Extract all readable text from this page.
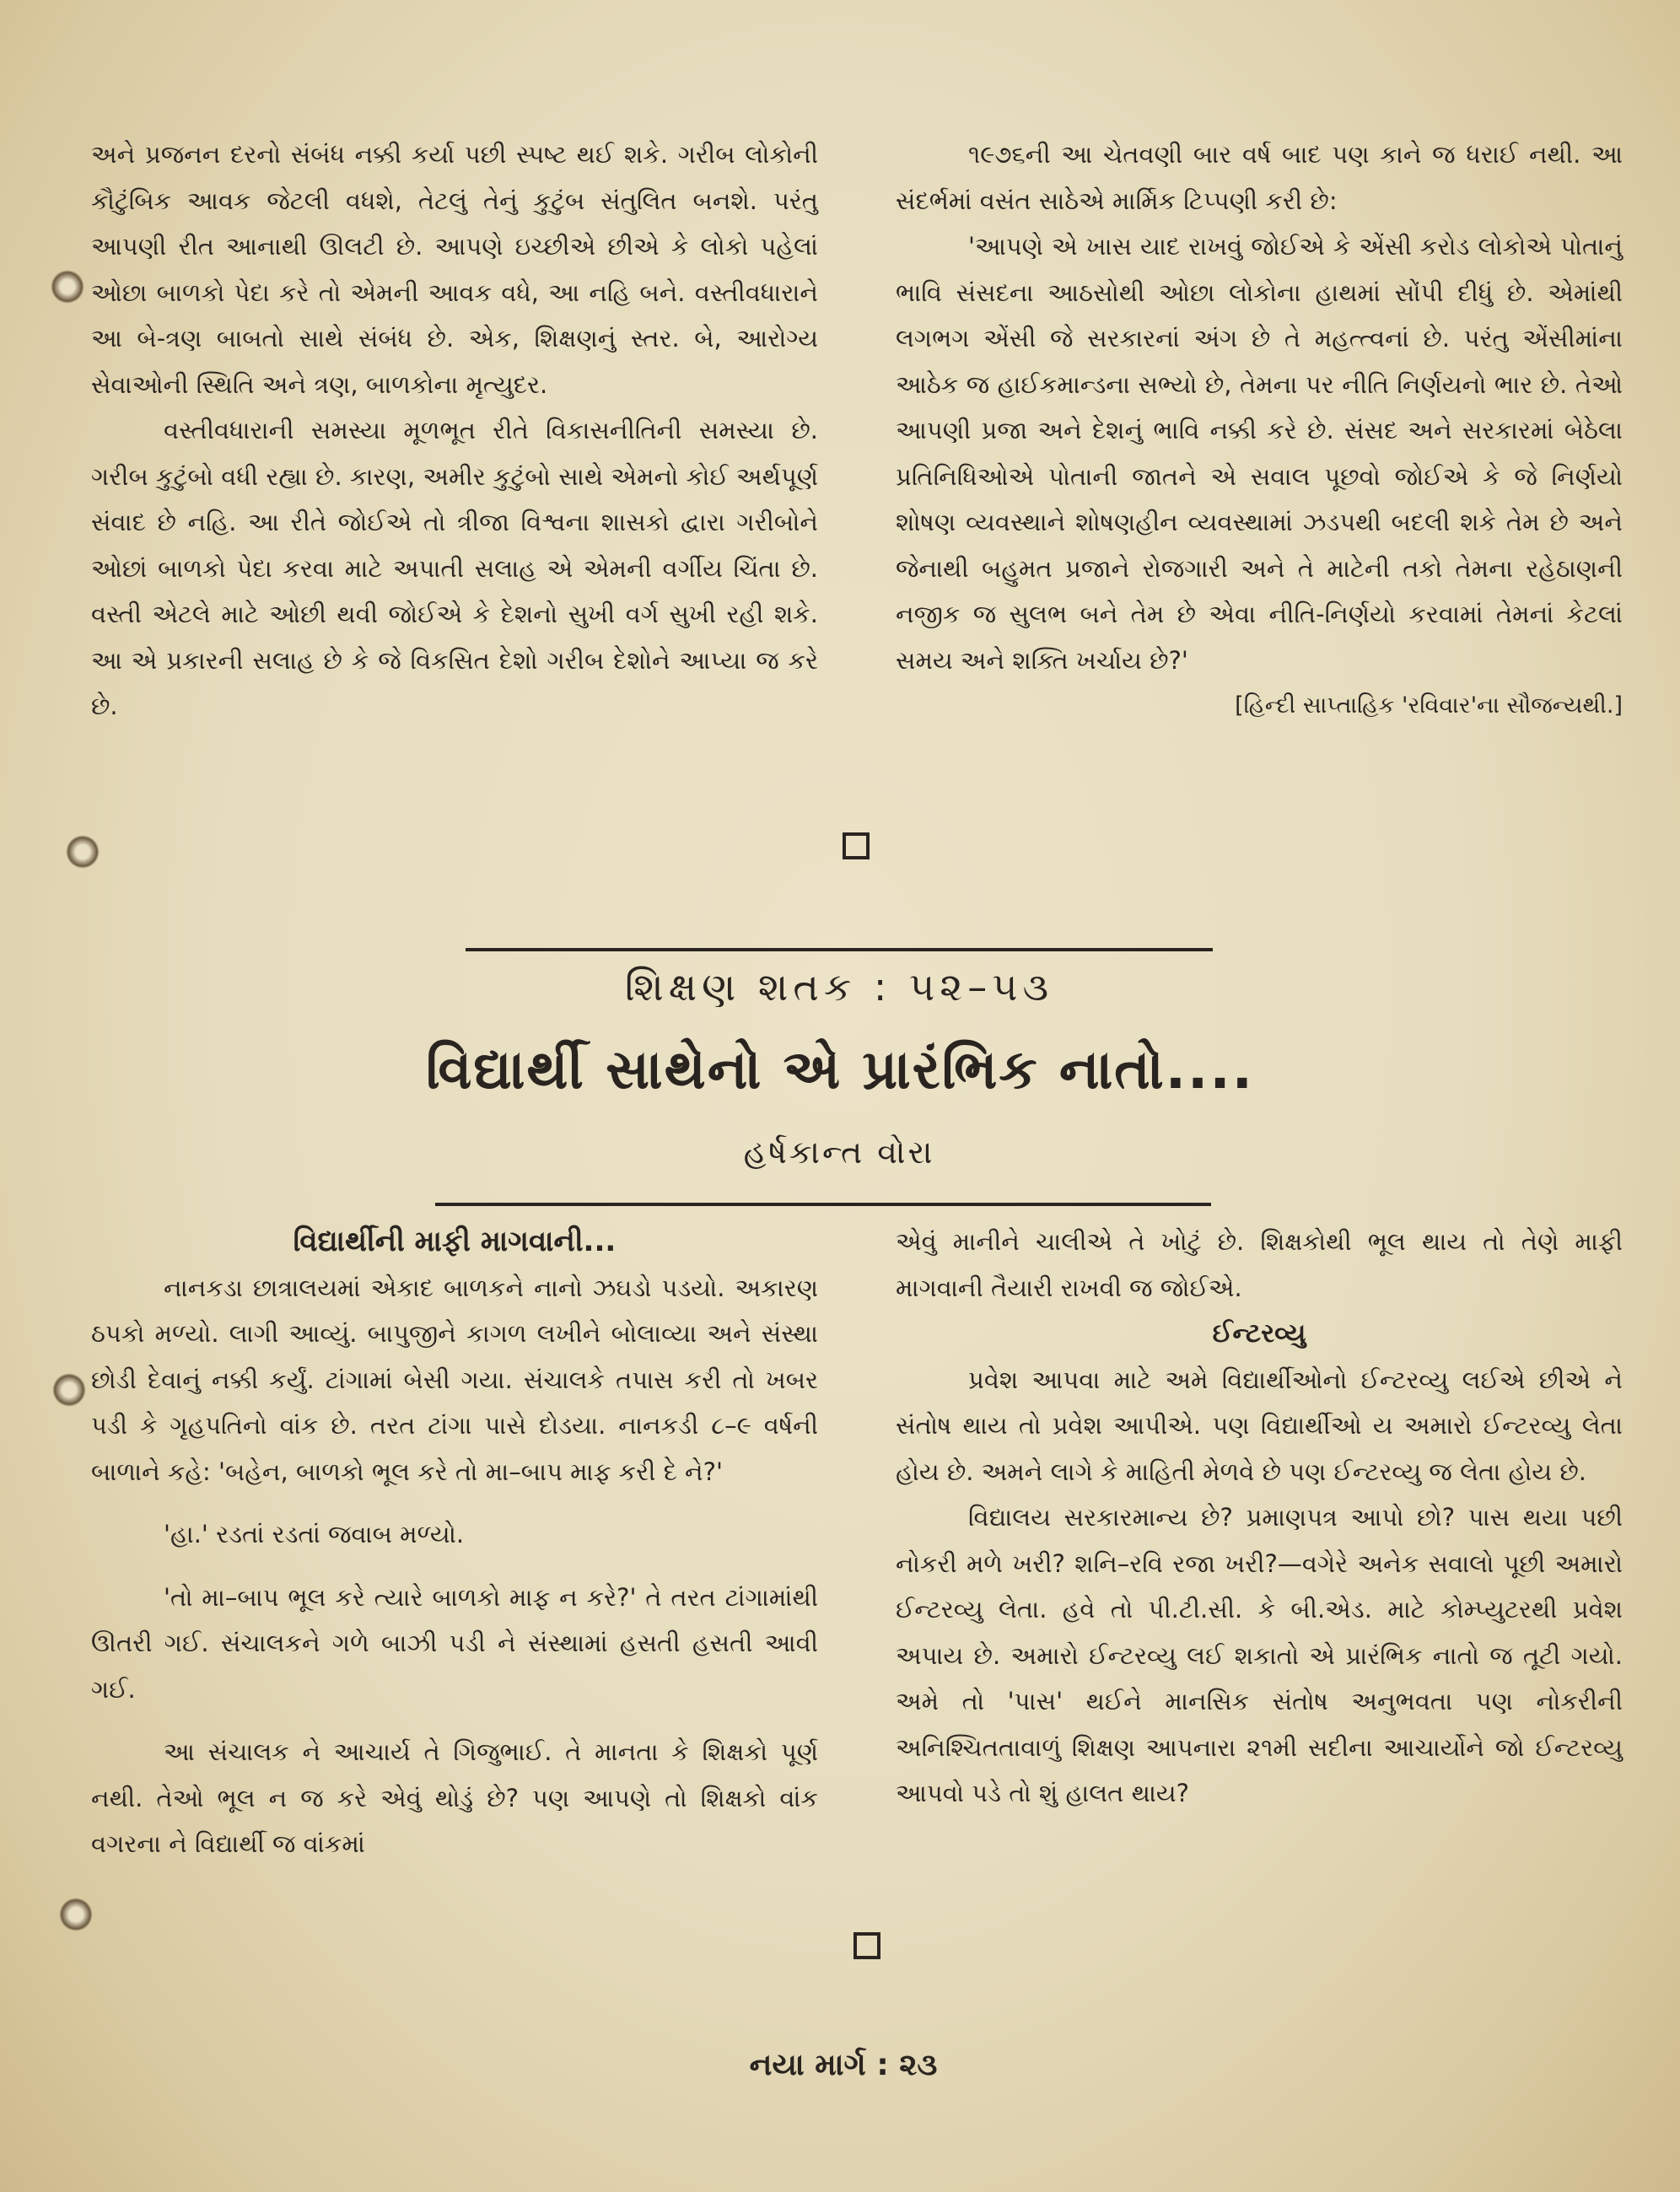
અને પ્રજનન દરનો સંબંધ નક્કી કર્યા પછી સ્પષ્ટ થઈ શકે. ગરીબ લોકોની કૌટુંબિક આવક જેટલી વધશે, તેટલું તેનું કુટુંબ સંતુલિત બનશે. પરંતુ આપણી રીત આનાથી ઊલટી છે. આપણે ઇચ્છીએ છીએ કે લોકો પહેલાં ઓછા બાળકો પેદા કરે તો એમની આવક વધે, આ નહિ બને. વસ્તીવધારાને આ બે-ત્રણ બાબતો સાથે સંબંધ છે. એક, શિક્ષણનું સ્તર. બે, આરોગ્ય સેવાઓની સ્થિતિ અને ત્રણ, બાળકોના મૃત્યુદર.

વસ્તીવધારાની સમસ્યા મૂળભૂત રીતે વિકાસનીતિની સમસ્યા છે. ગરીબ કુટુંબો વધી રહ્યા છે. કારણ, અમીર કુટુંબો સાથે એમનો કોઈ અર્થપૂર્ણ સંવાદ છે નહિ. આ રીતે જોઈએ તો ત્રીજા વિશ્વના શાસકો દ્વારા ગરીબોને ઓછાં બાળકો પેદા કરવા માટે અપાતી સલાહ એ એમની વર્ગીય ચિંતા છે. વસ્તી એટલે માટે ઓછી થવી જોઈએ કે દેશનો સુખી વર્ગ સુખી રહી શકે. આ એ પ્રકારની સલાહ છે કે જે વિકસિત દેશો ગરીબ દેશોને આપ્યા જ કરે છે.

૧૯૭૬ની આ ચેતવણી બાર વર્ષ બાદ પણ કાને જ ધરાઈ નથી. આ સંદર્ભમાં વસંત સાઠેએ માર્મિક ટિપ્પણી કરી છે:

'આપણે એ ખાસ યાદ રાખવું જોઈએ કે એંસી કરોડ લોકોએ પોતાનું ભાવિ સંસદના આઠસોથી ઓછા લોકોના હાથમાં સોંપી દીધું છે. એમાંથી લગભગ એંસી જે સરકારનાં અંગ છે તે મહત્ત્વનાં છે. પરંતુ એંસીમાંના આઠેક જ હાઈકમાન્ડના સભ્યો છે, તેમના પર નીતિ નિર્ણયનો ભાર છે. તેઓ આપણી પ્રજા અને દેશનું ભાવિ નક્કી કરે છે. સંસદ અને સરકારમાં બેઠેલા પ્રતિનિધિઓએ પોતાની જાતને એ સવાલ પૂછવો જોઈએ કે જે નિર્ણયો શોષણ વ્યવસ્થાને શોષણહીન વ્યવસ્થામાં ઝડપથી બદલી શકે તેમ છે અને જેનાથી બહુમત પ્રજાને રોજગારી અને તે માટેની તકો તેમના રહેઠાણની નજીક જ સુલભ બને તેમ છે એવા નીતિ-નિર્ણયો કરવામાં તેમનાં કેટલાં સમય અને શક્તિ ખર્ચાય છે?'

[હિન્દી સાપ્તાહિક 'રવિવાર'ના સૌજન્યથી.]

શિક્ષણ શતક : ૫૨–૫૩
વિદ્યાર્થી સાથેનો એ પ્રારંભિક નાતો....
હર્ષકાન્ત વોરા

વિદ્યાર્થીની માફી માગવાની...

નાનકડા છાત્રાલયમાં એકાદ બાળકને નાનો ઝઘડો પડયો. અકારણ ઠપકો મળ્યો. લાગી આવ્યું. બાપુજીને કાગળ લખીને બોલાવ્યા અને સંસ્થા છોડી દેવાનું નક્કી કર્યું. ટાંગામાં બેસી ગયા. સંચાલકે તપાસ કરી તો ખબર પડી કે ગૃહપતિનો વાંક છે. તરત ટાંગા પાસે દોડયા. નાનકડી ૮–૯ વર્ષની બાળાને કહે: 'બહેન, બાળકો ભૂલ કરે તો મા–બાપ માફ કરી દે ને?'

'હા.' રડતાં રડતાં જવાબ મળ્યો.

'તો મા–બાપ ભૂલ કરે ત્યારે બાળકો માફ ન કરે?' તે તરત ટાંગામાંથી ઊતરી ગઈ. સંચાલકને ગળે બાઝી પડી ને સંસ્થામાં હસતી હસતી આવી ગઈ.

આ સંચાલક ને આચાર્ય તે ગિજુભાઈ. તે માનતા કે શિક્ષકો પૂર્ણ નથી. તેઓ ભૂલ ન જ કરે એવું થોડું છે? પણ આપણે તો શિક્ષકો વાંક વગરના ને વિદ્યાર્થી જ વાંકમાં

એવું માનીને ચાલીએ તે ખોટું છે. શિક્ષકોથી ભૂલ થાય તો તેણે માફી માગવાની તૈયારી રાખવી જ જોઈએ.

ઈન્ટરવ્યુ

પ્રવેશ આપવા માટે અમે વિદ્યાર્થીઓનો ઈન્ટરવ્યુ લઈએ છીએ ને સંતોષ થાય તો પ્રવેશ આપીએ. પણ વિદ્યાર્થીઓ ય અમારો ઈન્ટરવ્યુ લેતા હોય છે. અમને લાગે કે માહિતી મેળવે છે પણ ઈન્ટરવ્યુ જ લેતા હોય છે.

વિદ્યાલય સરકારમાન્ય છે? પ્રમાણપત્ર આપો છો? પાસ થયા પછી નોકરી મળે ખરી? શનિ–રવિ રજા ખરી?—વગેરે અનેક સવાલો પૂછી અમારો ઈન્ટરવ્યુ લેતા. હવે તો પી.ટી.સી. કે બી.એડ. માટે કોમ્પ્યુટરથી પ્રવેશ અપાય છે. અમારો ઈન્ટરવ્યુ લઈ શકાતો એ પ્રારંભિક નાતો જ તૂટી ગયો. અમે તો 'પાસ' થઈને માનસિક સંતોષ અનુભવતા પણ નોકરીની અનિશ્ચિતતાવાળું શિક્ષણ આપનારા ૨૧મી સદીના આચાર્યોને જો ઈન્ટરવ્યુ આપવો પડે તો શું હાલત થાય?

નયા માર્ગ : ૨૩
